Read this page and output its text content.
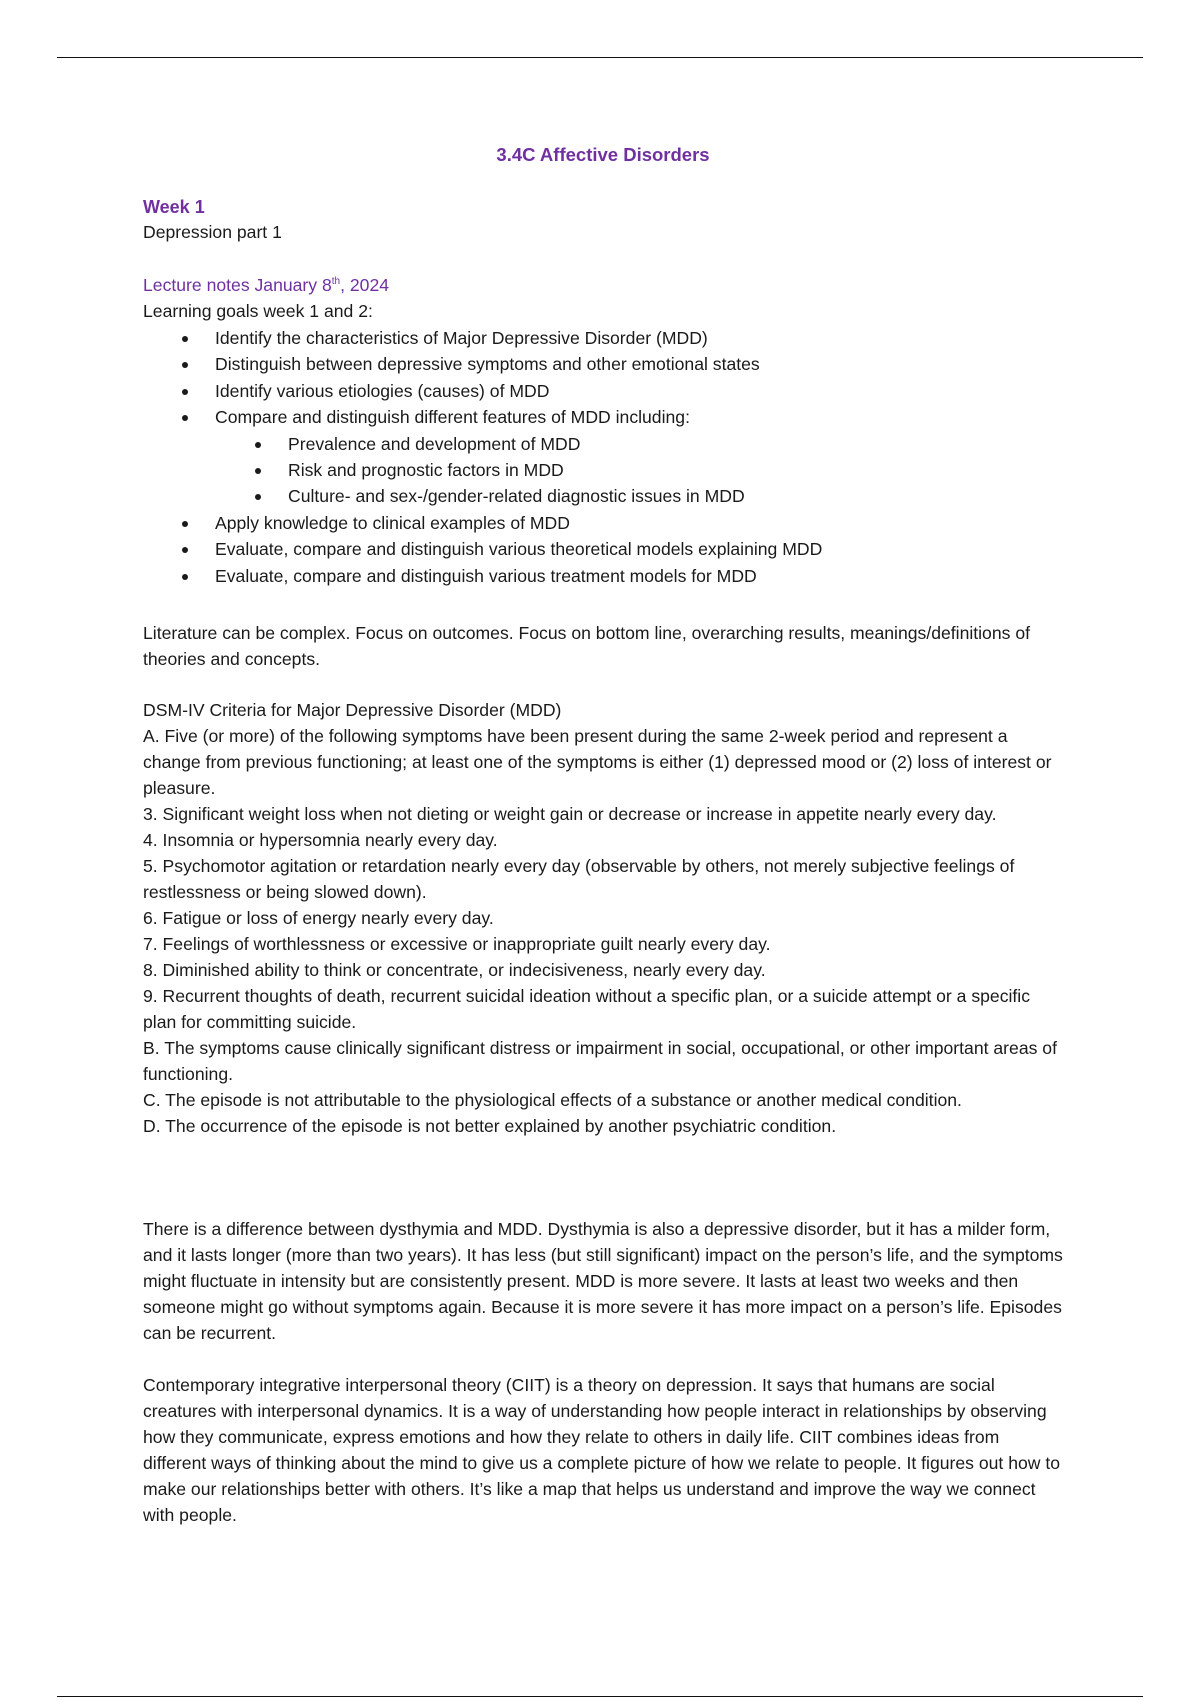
3.4C Affective Disorders
Week 1
Depression part 1
Lecture notes January 8th, 2024
Learning goals week 1 and 2:
Identify the characteristics of Major Depressive Disorder (MDD)
Distinguish between depressive symptoms and other emotional states
Identify various etiologies (causes) of MDD
Compare and distinguish different features of MDD including:
Prevalence and development of MDD
Risk and prognostic factors in MDD
Culture- and sex-/gender-related diagnostic issues in MDD
Apply knowledge to clinical examples of MDD
Evaluate, compare and distinguish various theoretical models explaining MDD
Evaluate, compare and distinguish various treatment models for MDD

Literature can be complex. Focus on outcomes. Focus on bottom line, overarching results, meanings/definitions of theories and concepts.

DSM-IV Criteria for Major Depressive Disorder (MDD)

A. Five (or more) of the following symptoms have been present during the same 2-week period and represent a change from previous functioning; at least one of the symptoms is either (1) depressed mood or (2) loss of interest or pleasure.

3. Significant weight loss when not dieting or weight gain or decrease or increase in appetite nearly every day.

4. Insomnia or hypersomnia nearly every day.

5. Psychomotor agitation or retardation nearly every day (observable by others, not merely subjective feelings of restlessness or being slowed down).

6. Fatigue or loss of energy nearly every day.

7. Feelings of worthlessness or excessive or inappropriate guilt nearly every day.

8. Diminished ability to think or concentrate, or indecisiveness, nearly every day.

9. Recurrent thoughts of death, recurrent suicidal ideation without a specific plan, or a suicide attempt or a specific plan for committing suicide.

B. The symptoms cause clinically significant distress or impairment in social, occupational, or other important areas of functioning.

C. The episode is not attributable to the physiological effects of a substance or another medical condition.

D. The occurrence of the episode is not better explained by another psychiatric condition.

There is a difference between dysthymia and MDD. Dysthymia is also a depressive disorder, but it has a milder form, and it lasts longer (more than two years). It has less (but still significant) impact on the person’s life, and the symptoms might fluctuate in intensity but are consistently present. MDD is more severe. It lasts at least two weeks and then someone might go without symptoms again. Because it is more severe it has more impact on a person’s life. Episodes can be recurrent.

Contemporary integrative interpersonal theory (CIIT) is a theory on depression. It says that humans are social creatures with interpersonal dynamics. It is a way of understanding how people interact in relationships by observing how they communicate, express emotions and how they relate to others in daily life. CIIT combines ideas from different ways of thinking about the mind to give us a complete picture of how we relate to people. It figures out how to make our relationships better with others. It’s like a map that helps us understand and improve the way we connect with people.
